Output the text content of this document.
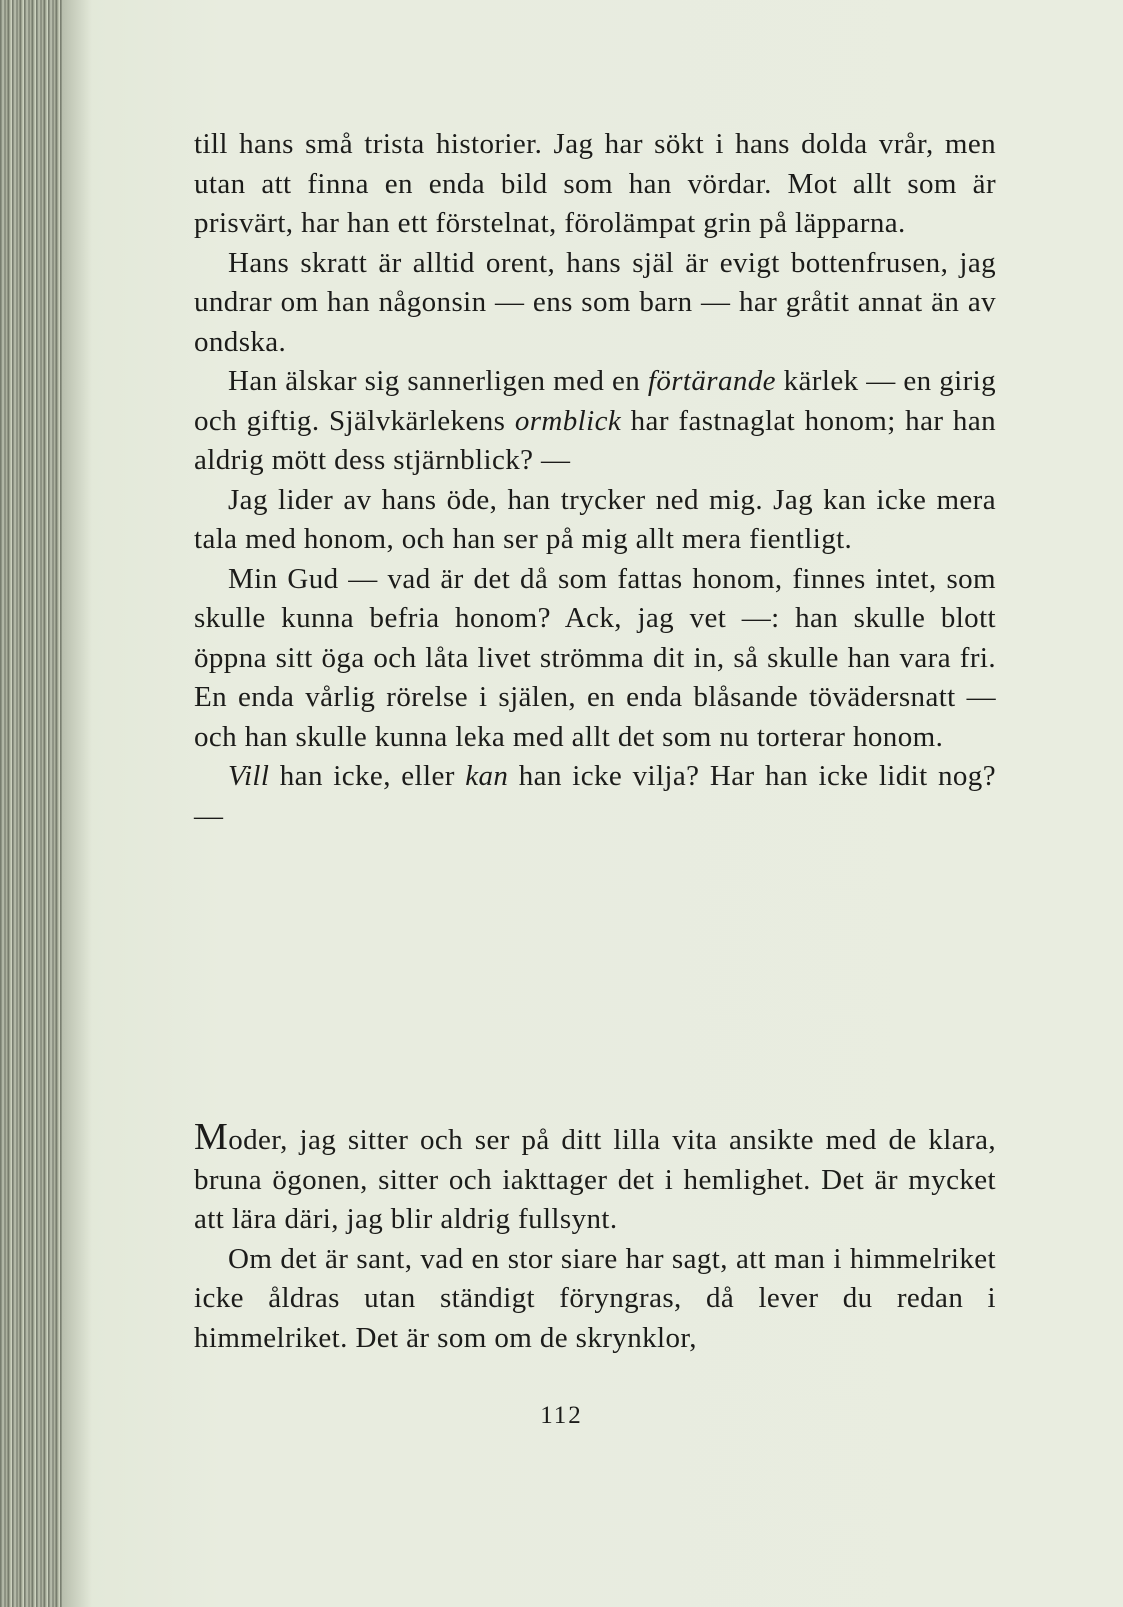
till hans små trista historier. Jag har sökt i hans dolda vrår, men utan att finna en enda bild som han vördar. Mot allt som är prisvärt, har han ett förstelnat, förolämpat grin på läpparna.

Hans skratt är alltid orent, hans själ är evigt bottenfrusen, jag undrar om han någonsin — ens som barn — har gråtit annat än av ondska.

Han älskar sig sannerligen med en förtärande kärlek — en girig och giftig. Självkärlekens ormblick har fastnaglat honom; har han aldrig mött dess stjärnblick? —

Jag lider av hans öde, han trycker ned mig. Jag kan icke mera tala med honom, och han ser på mig allt mera fientligt.

Min Gud — vad är det då som fattas honom, finnes intet, som skulle kunna befria honom? Ack, jag vet —: han skulle blott öppna sitt öga och låta livet strömma dit in, så skulle han vara fri. En enda vårlig rörelse i själen, en enda blåsande tövädersnatt — och han skulle kunna leka med allt det som nu torterar honom.

Vill han icke, eller kan han icke vilja? Har han icke lidit nog? —

Moder, jag sitter och ser på ditt lilla vita ansikte med de klara, bruna ögonen, sitter och iakttager det i hemlighet. Det är mycket att lära däri, jag blir aldrig fullsynt.

Om det är sant, vad en stor siare har sagt, att man i himmelriket icke åldras utan ständigt föryngras, då lever du redan i himmelriket. Det är som om de skrynklor,

112
